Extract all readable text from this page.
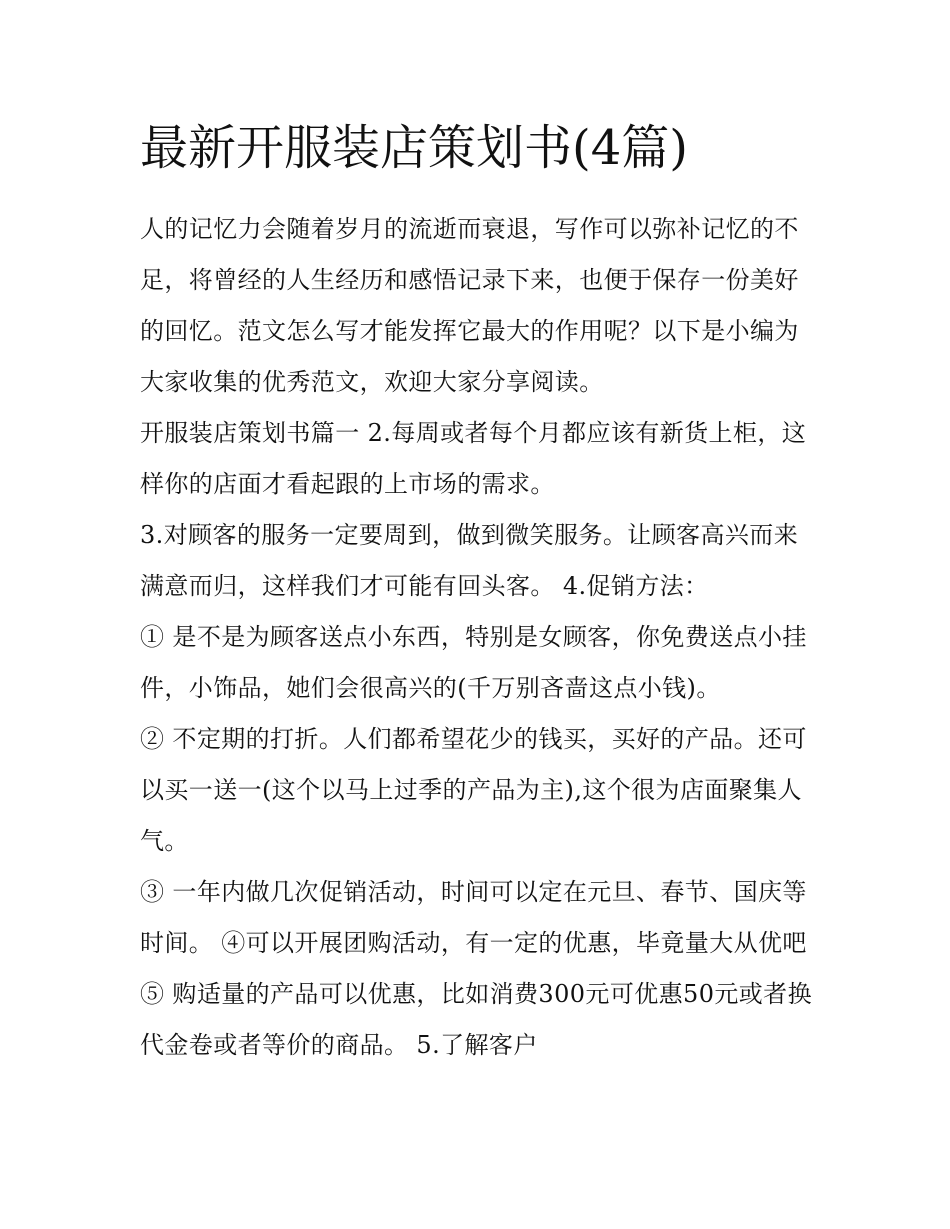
最新开服装店策划书(4篇)

人的记忆力会随着岁月的流逝而衰退，写作可以弥补记忆的不足，将曾经的人生经历和感悟记录下来，也便于保存一份美好的回忆。范文怎么写才能发挥它最大的作用呢？以下是小编为大家收集的优秀范文，欢迎大家分享阅读。

开服装店策划书篇一 2.每周或者每个月都应该有新货上柜，这样你的店面才看起跟的上市场的需求。

3.对顾客的服务一定要周到，做到微笑服务。让顾客高兴而来满意而归，这样我们才可能有回头客。 4.促销方法：

① 是不是为顾客送点小东西，特别是女顾客，你免费送点小挂件，小饰品，她们会很高兴的(千万别吝啬这点小钱)。

② 不定期的打折。人们都希望花少的钱买，买好的产品。还可以买一送一(这个以马上过季的产品为主),这个很为店面聚集人气。

③ 一年内做几次促销活动，时间可以定在元旦、春节、国庆等时间。 ④可以开展团购活动，有一定的优惠，毕竟量大从优吧

⑤ 购适量的产品可以优惠，比如消费300元可优惠50元或者换代金卷或者等价的商品。 5.了解客户
